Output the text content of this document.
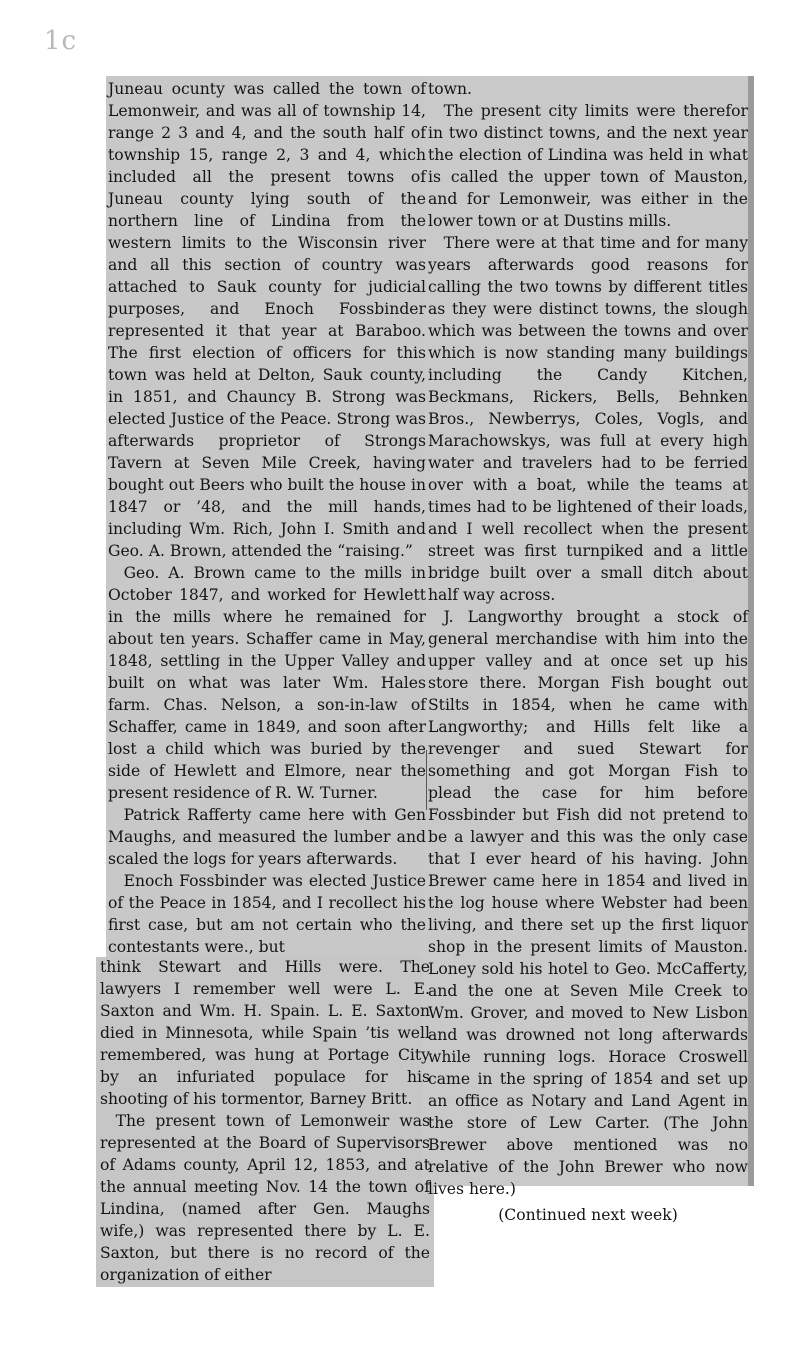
1c

Juneau ocunty was called the town of Lemonweir, and was all of township 14, range 2 3 and 4, and the south half of township 15, range 2, 3 and 4, which included all the present towns of Juneau county lying south of the northern line of Lindina from the western limits to the Wisconsin river and all this section of country was attached to Sauk county for judicial purposes, and Enoch Fossbinder represented it that year at Baraboo. The first election of officers for this town was held at Delton, Sauk county, in 1851, and Chauncy B. Strong was elected Justice of the Peace. Strong was afterwards proprietor of Strongs Tavern at Seven Mile Creek, having bought out Beers who built the house in 1847 or ’48, and the mill hands, including Wm. Rich, John I. Smith and Geo. A. Brown, attended the “raising.”

Geo. A. Brown came to the mills in October 1847, and worked for Hewlett in the mills where he remained for about ten years. Schaffer came in May, 1848, settling in the Upper Valley and built on what was later Wm. Hales farm. Chas. Nelson, a son-in-law of Schaffer, came in 1849, and soon after lost a child which was buried by the side of Hewlett and Elmore, near the present residence of R. W. Turner.

Patrick Rafferty came here with Gen Maughs, and measured the lumber and scaled the logs for years afterwards.

Enoch Fossbinder was elected Justice of the Peace in 1854, and I recollect his first case, but am not certain who the contestants were., but

think Stewart and Hills were. The lawyers I remember well were L. E. Saxton and Wm. H. Spain. L. E. Saxton died in Minnesota, while Spain ’tis well remembered, was hung at Portage City by an infuriated populace for his shooting of his tormentor, Barney Britt.

The present town of Lemonweir was represented at the Board of Supervisors of Adams county, April 12, 1853, and at the annual meeting Nov. 14 the town of Lindina, (named after Gen. Maughs wife,) was represented there by L. E. Saxton, but there is no record of the organization of either

town.

The present city limits were therefor in two distinct towns, and the next year the election of Lindina was held in what is called the upper town of Mauston, and for Lemonweir, was either in the lower town or at Dustins mills.

There were at that time and for many years afterwards good reasons for calling the two towns by different titles as they were distinct towns, the slough which was between the towns and over which is now standing many buildings including the Candy Kitchen, Beckmans, Rickers, Bells, Behnken Bros., Newberrys, Coles, Vogls, and Marachowskys, was full at every high water and travelers had to be ferried over with a boat, while the teams at times had to be lightened of their loads, and I well recollect when the present street was first turnpiked and a little bridge built over a small ditch about half way across.

J. Langworthy brought a stock of general merchandise with him into the upper valley and at once set up his store there. Morgan Fish bought out Stilts in 1854, when he came with Langworthy; and Hills felt like a revenger and sued Stewart for something and got Morgan Fish to plead the case for him before Fossbinder but Fish did not pretend to be a lawyer and this was the only case that I ever heard of his having. John Brewer came here in 1854 and lived in the log house where Webster had been living, and there set up the first liquor shop in the present limits of Mauston. Loney sold his hotel to Geo. McCafferty, and the one at Seven Mile Creek to Wm. Grover, and moved to New Lisbon and was drowned not long afterwards while running logs. Horace Croswell came in the spring of 1854 and set up an office as Notary and Land Agent in the store of Lew Carter. (The John Brewer above mentioned was no relative of the John Brewer who now lives here.)

(Continued next week)
